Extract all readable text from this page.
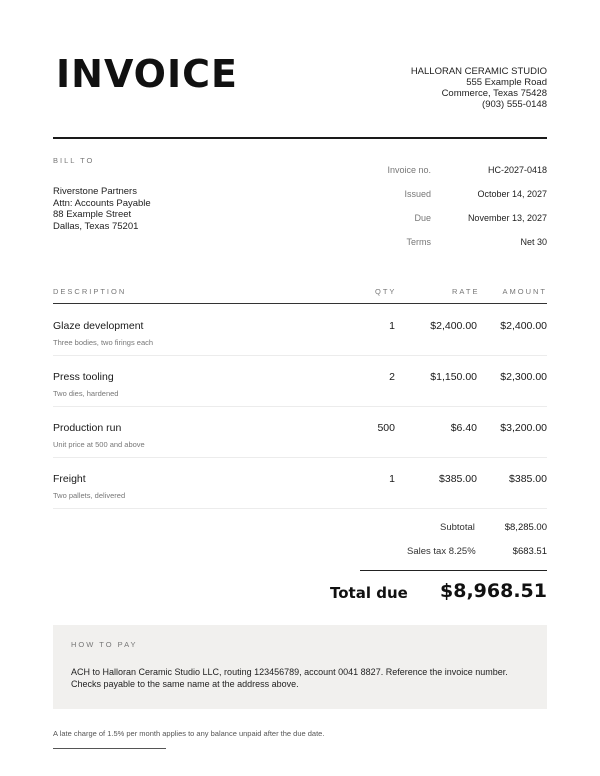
INVOICE	HALLORAN CERAMIC STUDIO
555 Example Road
Commerce, Texas 75428
(903) 555-0148
BILL TO
Riverstone Partners
Attn: Accounts Payable
88 Example Street
Dallas, Texas 75201
Invoice no.	HC-2027-0418
Issued	October 14, 2027
Due	November 13, 2027
Terms	Net 30
DESCRIPTION	QTY	RATE	AMOUNT
Glaze development
Three bodies, two firings each
1	$2,400.00 $2,400.00
Press tooling
Two dies, hardened
2	$1,150.00 $2,300.00
Production run
Unit price at 500 and above
500	$6.40 $3,200.00
Freight
Two pallets, delivered
1	$385.00	$385.00
Subtotal	$8,285.00
Sales tax 8.25%	$683.51
Total due $8,968.51
HOW TO PAY
ACH to Halloran Ceramic Studio LLC, routing 123456789, account 0041 8827. Reference the invoice number. Checks payable to the same name at the address above.
A late charge of 1.5% per month applies to any balance unpaid after the due date.
